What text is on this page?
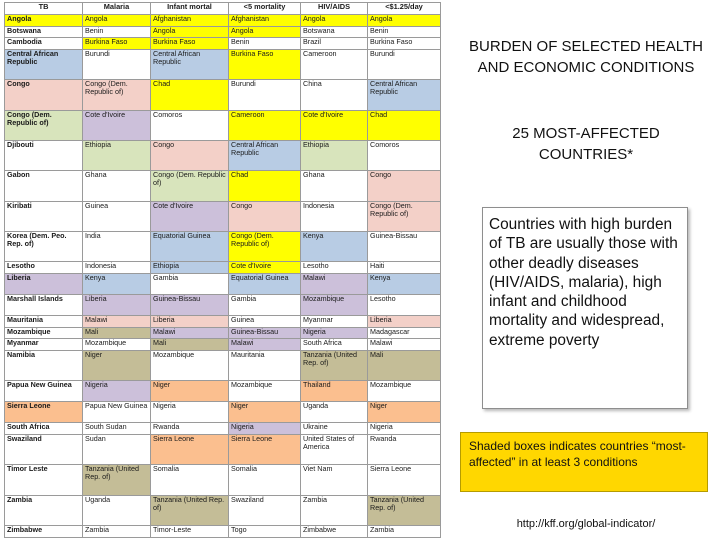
TB	Malaria	Infant mortal	<5 mortality	HIV/AIDS	<$1.25/day
Angola	Angola	Afghanistan	Afghanistan	Angola	Angola
Botswana	Benin	Angola	Angola	Botswana	Benin
Cambodia	Burkina Faso	Burkina Faso	Benin	Brazil	Burkina Faso
Central African Republic	Burundi	Central African Republic	Burkina Faso	Cameroon	Burundi
Congo	Congo (Dem. Republic of)	Chad	Burundi	China	Central African Republic
Congo (Dem. Republic of)	Cote d'Ivoire	Comoros	Cameroon	Cote d'Ivoire	Chad
Djibouti	Ethiopia	Congo	Central African Republic	Ethiopia	Comoros
Gabon	Ghana	Congo (Dem. Republic of)	Chad	Ghana	Congo
Kiribati	Guinea	Cote d'Ivoire	Congo	Indonesia	Congo (Dem. Republic of)
Korea (Dem. Peo. Rep. of)	India	Equatorial Guinea	Congo (Dem. Republic of)	Kenya	Guinea-Bissau
Lesotho	Indonesia	Ethiopia	Cote d'Ivoire	Lesotho	Haiti
Liberia	Kenya	Gambia	Equatorial Guinea	Malawi	Kenya
Marshall Islands	Liberia	Guinea-Bissau	Gambia	Mozambique	Lesotho
Mauritania	Malawi	Liberia	Guinea	Myanmar	Liberia
Mozambique	Mali	Malawi	Guinea-Bissau	Nigeria	Madagascar
Myanmar	Mozambique	Mali	Malawi	South Africa	Malawi
Namibia	Niger	Mozambique	Mauritania	Tanzania (United Rep. of)	Mali
Papua New Guinea	Nigeria	Niger	Mozambique	Thailand	Mozambique
Sierra Leone	Papua New Guinea	Nigeria	Niger	Uganda	Niger
South Africa	South Sudan	Rwanda	Nigeria	Ukraine	Nigeria
Swaziland	Sudan	Sierra Leone	Sierra Leone	United States of America	Rwanda
Timor Leste	Tanzania (United Rep. of)	Somalia	Somalia	Viet Nam	Sierra Leone
Zambia	Uganda	Tanzania (United Rep. of)	Swaziland	Zambia	Tanzania (United Rep. of)
Zimbabwe	Zambia	Timor-Leste	Togo	Zimbabwe	Zambia
BURDEN OF SELECTED HEALTH AND ECONOMIC CONDITIONS
25 MOST-AFFECTED COUNTRIES*
Countries with high burden of TB are usually those with other deadly diseases (HIV/AIDS, malaria), high infant and childhood mortality and widespread, extreme poverty
Shaded boxes indicates countries “most-affected” in at least 3 conditions
http://kff.org/global-indicator/
